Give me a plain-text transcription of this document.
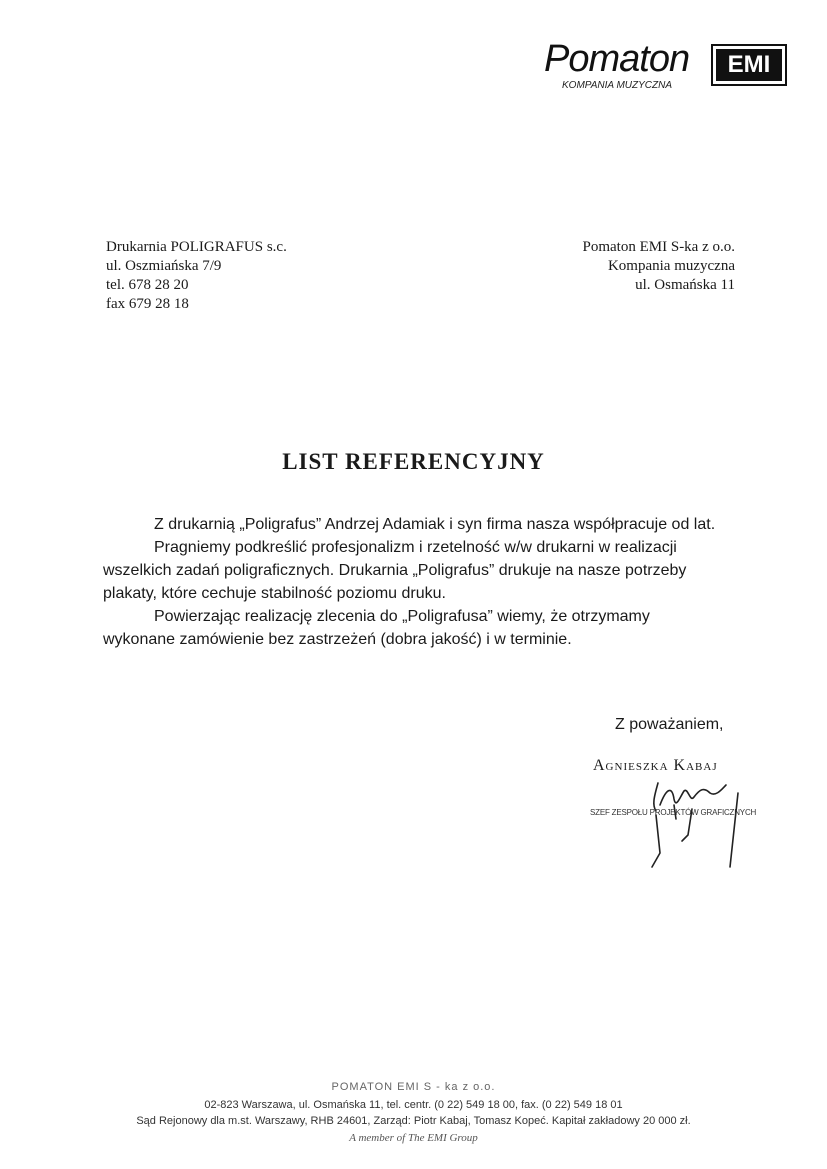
Pomaton
KOMPANIA MUZYCZNA
EMI
Drukarnia POLIGRAFUS s.c.
ul. Oszmiańska 7/9
tel. 678 28 20
fax 679 28 18
Pomaton EMI S-ka z o.o.
Kompania muzyczna
ul. Osmańska 11
LIST REFERENCYJNY

Z drukarnią „Poligrafus” Andrzej Adamiak i syn firma nasza współpracuje od lat.

Pragniemy podkreślić profesjonalizm i rzetelność w/w drukarni w realizacji wszelkich zadań poligraficznych. Drukarnia „Poligrafus” drukuje na nasze potrzeby plakaty, które cechuje stabilność poziomu druku.

Powierzając realizację zlecenia do „Poligrafusa” wiemy, że otrzymamy wykonane zamówienie bez zastrzeżeń (dobra jakość) i w terminie.

Z poważaniem,
Agnieszka Kabaj
SZEF ZESPOŁU PROJEKTÓW GRAFICZNYCH
POMATON EMI S - ka z o.o.
02-823 Warszawa, ul. Osmańska 11, tel. centr. (0 22) 549 18 00, fax. (0 22) 549 18 01
Sąd Rejonowy dla m.st. Warszawy, RHB 24601, Zarząd: Piotr Kabaj, Tomasz Kopeć. Kapitał zakładowy 20 000 zł.
A member of The EMI Group
